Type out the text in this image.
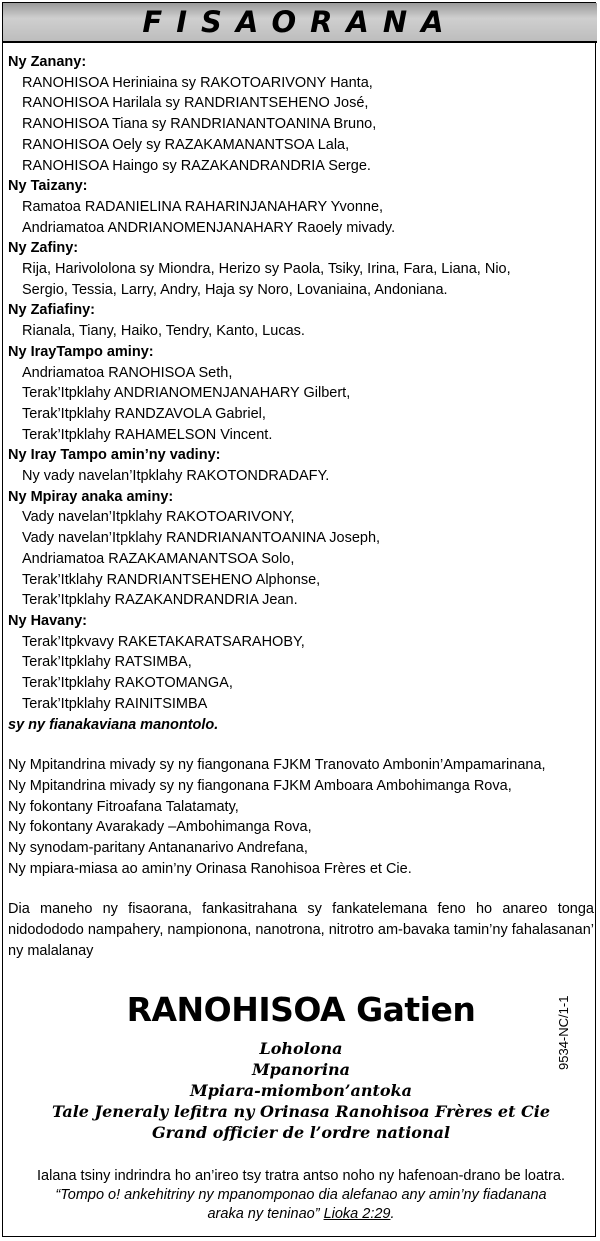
FISAORANA
Ny Zanany:
RANOHISOA Heriniaina sy RAKOTOARIVONY Hanta,
RANOHISOA Harilala sy RANDRIANTSEHENO José,
RANOHISOA Tiana sy RANDRIANANTOANINA Bruno,
RANOHISOA Oely sy RAZAKAMANANTSOA Lala,
RANOHISOA Haingo sy RAZAKANDRANDRIA Serge.
Ny Taizany:
Ramatoa RADANIELINA RAHARINJANAHARY Yvonne,
Andriamatoa ANDRIANOMENJANAHARY Raoely mivady.
Ny Zafiny:
Rija, Harivololona sy Miondra, Herizo sy Paola, Tsiky, Irina, Fara, Liana, Nio,
Sergio, Tessia, Larry, Andry, Haja sy Noro, Lovaniaina, Andoniana.
Ny Zafiafiny:
Rianala, Tiany, Haiko, Tendry, Kanto, Lucas.
Ny IrayTampo aminy:
Andriamatoa RANOHISOA Seth,
Terak’Itpklahy ANDRIANOMENJANAHARY Gilbert,
Terak’Itpklahy RANDZAVOLA Gabriel,
Terak’Itpklahy RAHAMELSON Vincent.
Ny Iray Tampo amin’ny vadiny:
Ny vady navelan’Itpklahy RAKOTONDRADAFY.
Ny Mpiray anaka aminy:
Vady navelan’Itpklahy RAKOTOARIVONY,
Vady navelan’Itpklahy RANDRIANANTOANINA Joseph,
Andriamatoa RAZAKAMANANTSOA Solo,
Terak’Itklahy RANDRIANTSEHENO Alphonse,
Terak’Itpklahy RAZAKANDRANDRIA Jean.
Ny Havany:
Terak’Itpkvavy RAKETAKARATSARAHOBY,
Terak’Itpklahy RATSIMBA,
Terak’Itpklahy RAKOTOMANGA,
Terak’Itpklahy RAINITSIMBA
sy ny fianakaviana manontolo.
Ny Mpitandrina mivady sy ny fiangonana FJKM Tranovato Ambonin’Ampamarinana,
Ny Mpitandrina mivady sy ny fiangonana FJKM Amboara Ambohimanga Rova,
Ny fokontany Fitroafana Talatamaty,
Ny fokontany Avarakady –Ambohimanga Rova,
Ny synodam-paritany Antananarivo Andrefana,
Ny mpiara-miasa ao amin’ny Orinasa Ranohisoa Frères et Cie.
Dia maneho ny fisaorana, fankasitrahana sy fankatelemana feno ho anareo tonga nidodododo nampahery, nampionona, nanotrona, nitrotro am-bavaka tamin’ny fahalasanan’ ny malalanay
RANOHISOA Gatien
Loholona
Mpanorina
Mpiara-miombon’antoka
Tale Jeneraly lefitra ny Orinasa Ranohisoa Frères et Cie
Grand officier de l’ordre national
Ialana tsiny indrindra ho an’ireo tsy tratra antso noho ny hafenoan-drano be loatra.
“Tompo o! ankehitriny ny mpanomponao dia alefanao any amin’ny fiadanana
araka ny teninao” Lioka 2:29.
9534-NC/1-1
